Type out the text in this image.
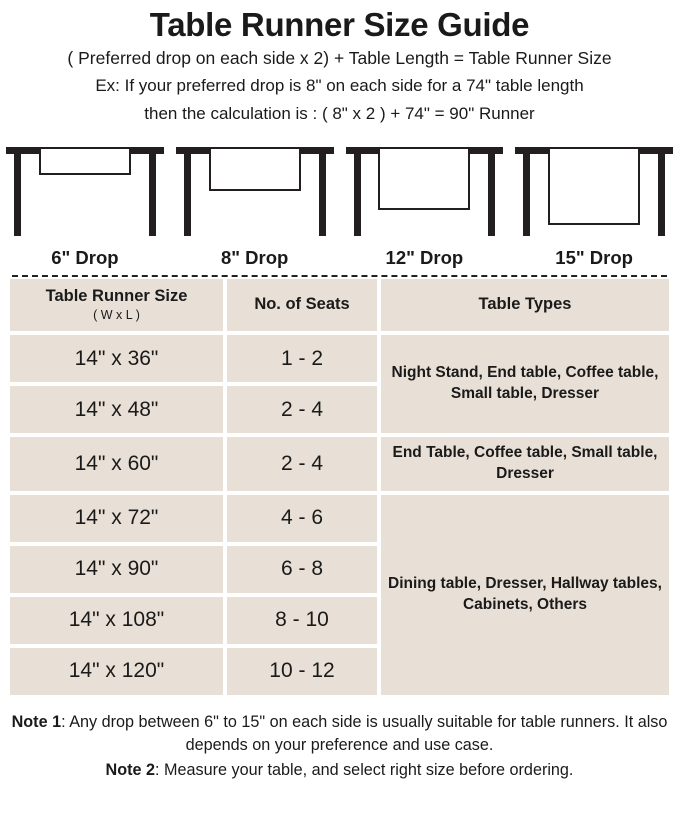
Table Runner Size Guide
( Preferred drop on each side x 2) + Table Length = Table Runner Size
Ex: If your preferred drop is 8" on each side for a 74" table length
then the calculation is : ( 8" x 2 ) + 74" = 90" Runner
6" Drop	8" Drop	12" Drop	15" Drop
Table Runner Size
( W x L )	No. of Seats	Table Types
14" x 36"	1 - 2	Night Stand, End table, Coffee table, Small table, Dresser
14" x 48"	2 - 4	
14" x 60"	2 - 4	End Table, Coffee table, Small table, Dresser
14" x 72"	4 - 6	Dining table, Dresser, Hallway tables, Cabinets, Others
14" x 90"	6 - 8	
14" x 108"	8 - 10	
14" x 120"	10 - 12	

Note 1: Any drop between 6" to 15" on each side is usually suitable for table runners. It also depends on your preference and use case.

Note 2: Measure your table, and select right size before ordering.
